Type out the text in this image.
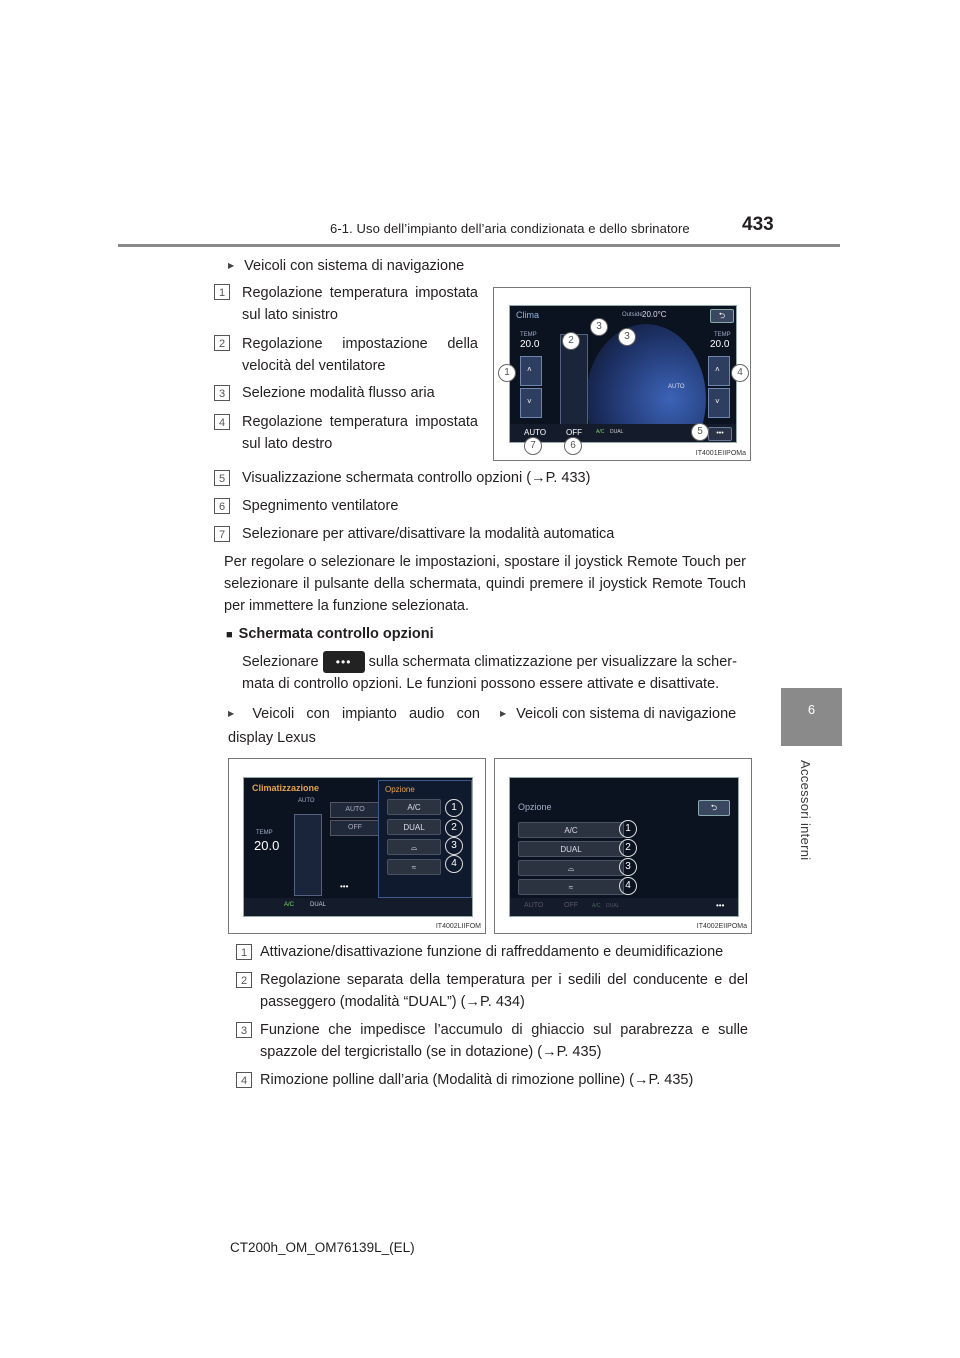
6-1. Uso dell’impianto dell’aria condizionata e dello sbrinatore	433
6
Accessori interni
▶ Veicoli con sistema di navigazione
1	Regolazione temperatura impostata sul lato sinistro
2	Regolazione impostazione della velocità del ventilatore
3	Selezione modalità flusso aria
4	Regolazione temperatura impostata sul lato destro
Clima	Outside 20.0°C	⮌
AUTO
TEMP
20.0
˄
˅
TEMP
20.0
˄
˅
AUTO OFF	A/C DUAL	•••
1
2
3
3
4
5
6
7
IT4001EIIPOMa
5	Visualizzazione schermata controllo opzioni (→P. 433)
6	Spegnimento ventilatore
7	Selezionare per attivare/disattivare la modalità automatica
Per regolare o selezionare le impostazioni, spostare il joystick Remote Touch per selezionare il pulsante della schermata, quindi premere il joystick Remote Touch per immettere la funzione selezionata.
■ Schermata controllo opzioni
Selezionare ••• sulla schermata climatizzazione per visualizzare la scher-
mata di controllo opzioni. Le funzioni possono essere attivate e disattivate.
▶ Veicoli con impianto audio con display Lexus
▶ Veicoli con sistema di navigazione
Climatizzazione
AUTO
TEMP
20.0
AUTO
OFF
Opzione
A/C
DUAL
⌓
≈
•••
A/C	DUAL
1
2
3
4
IT4002LIIFOM
Opzione	⮌
A/C
DUAL
⌓
≈
AUTO	OFF	A/C DUAL	•••
1
2
3
4
IT4002EIIPOMa
1 Attivazione/disattivazione funzione di raffreddamento e deumidificazione
2 Regolazione separata della temperatura per i sedili del conducente e del passeggero (modalità “DUAL”) (→P. 434)
3 Funzione che impedisce l’accumulo di ghiaccio sul parabrezza e sulle spazzole del tergicristallo (se in dotazione) (→P. 435)
4 Rimozione polline dall’aria (Modalità di rimozione polline) (→P. 435)
CT200h_OM_OM76139L_(EL)
